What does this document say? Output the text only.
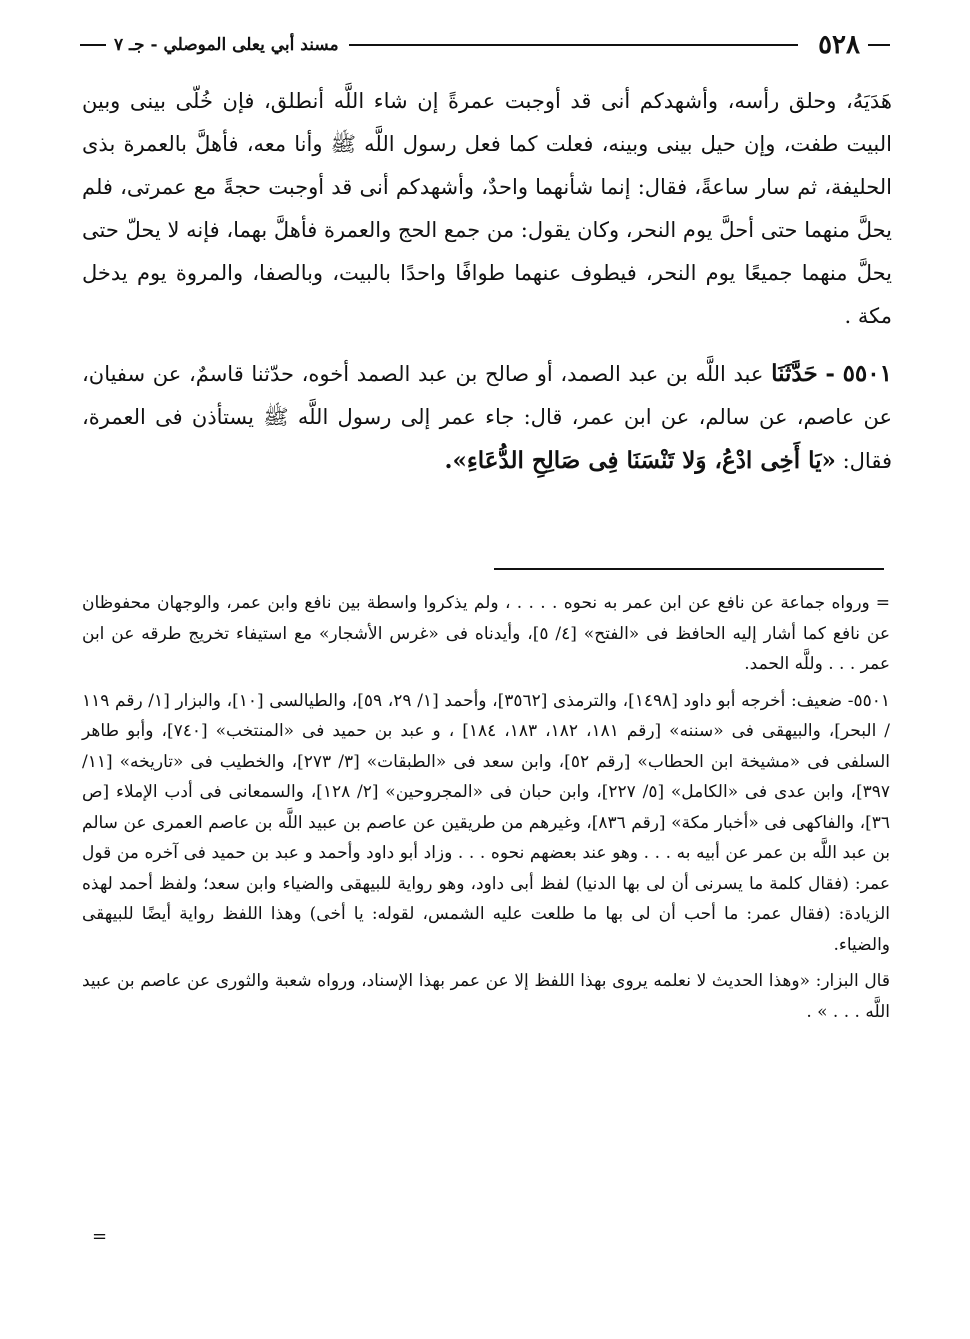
٥٢٨
مسند أبي يعلى الموصلي - جـ ٧

هَدَيَهُ، وحلق رأسه، وأشهدكم أنى قد أوجبت عمرةً إن شاء اللَّه أنطلق، فإن خُلّى بينى وبين البيت طفت، وإن حيل بينى وبينه، فعلت كما فعل رسول اللَّه ﷺ وأنا معه، فأهلَّ بالعمرة بذى الحليفة، ثم سار ساعةً، فقال: إنما شأنهما واحدٌ، وأشهدكم أنى قد أوجبت حجةً مع عمرتى، فلم يحلَّ منهما حتى أحلَّ يوم النحر، وكان يقول: من جمع الحج والعمرة فأهلَّ بهما، فإنه لا يحلّ حتى يحلَّ منهما جميعًا يوم النحر، فيطوف عنهما طوافًا واحدًا بالبيت، وبالصفا، والمروة يوم يدخل مكة .

٥٥٠١ - حَدَّثَنَا عبد اللَّه بن عبد الصمد، أو صالح بن عبد الصمد أخوه، حدّثنا قاسمٌ، عن سفيان، عن عاصم، عن سالم، عن ابن عمر، قال: جاء عمر إلى رسول اللَّه ﷺ يستأذن فى العمرة، فقال: «يَا أَخِى ادْعُ، وَلا تَنْسَنَا فِى صَالِحِ الدُّعَاءِ».

=ورواه جماعة عن نافع عن ابن عمر به نحوه . . . . ، ولم يذكروا واسطة بين نافع وابن عمر، والوجهان محفوظان عن نافع كما أشار إليه الحافظ فى «الفتح» [٤/ ٥]، وأيدناه فى «غرس الأشجار» مع استيفاء تخريج طرقه عن ابن عمر . . . وللَّه الحمد.

٥٥٠١- ضعيف: أخرجه أبو داود [١٤٩٨]، والترمذى [٣٥٦٢]، وأحمد [١/ ٢٩، ٥٩]، والطيالسى [١٠]، والبزار [١/ رقم ١١٩ / البحر]، والبيهقى فى «سننه» [رقم ١٨١، ١٨٢، ١٨٣، ١٨٤] ، و عبد بن حميد فى «المنتخب» [٧٤٠]، وأبو طاهر السلفى فى «مشيخة ابن الحطاب» [رقم ٥٢]، وابن سعد فى «الطبقات» [٣/ ٢٧٣]، والخطيب فى «تاريخه» [١١/ ٣٩٧]، وابن عدى فى «الكامل» [٥/ ٢٢٧]، وابن حبان فى «المجروحين» [٢/ ١٢٨]، والسمعانى فى أدب الإملاء [ص ٣٦]، والفاكهى فى «أخبار مكة» [رقم ٨٣٦]، وغيرهم من طريقين عن عاصم بن عبيد اللَّه بن عاصم العمرى عن سالم بن عبد اللَّه بن عمر عن أبيه به . . . وهو عند بعضهم نحوه . . . وزاد أبو داود وأحمد و عبد بن حميد فى آخره من قول عمر: (فقال كلمة ما يسرنى أن لى بها الدنيا) لفظ أبى داود، وهو رواية للبيهقى والضياء وابن سعد؛ ولفظ أحمد لهذه الزيادة: (فقال عمر: ما أحب أن لى بها ما طلعت عليه الشمس، لقوله: يا أخى) وهذا اللفظ رواية أيضًا للبيهقى والضياء.

قال البزار: «وهذا الحديث لا نعلمه يروى بهذا اللفظ إلا عن عمر بهذا الإسناد، ورواه شعبة والثورى عن عاصم بن عبيد اللَّه . . . » .

=
